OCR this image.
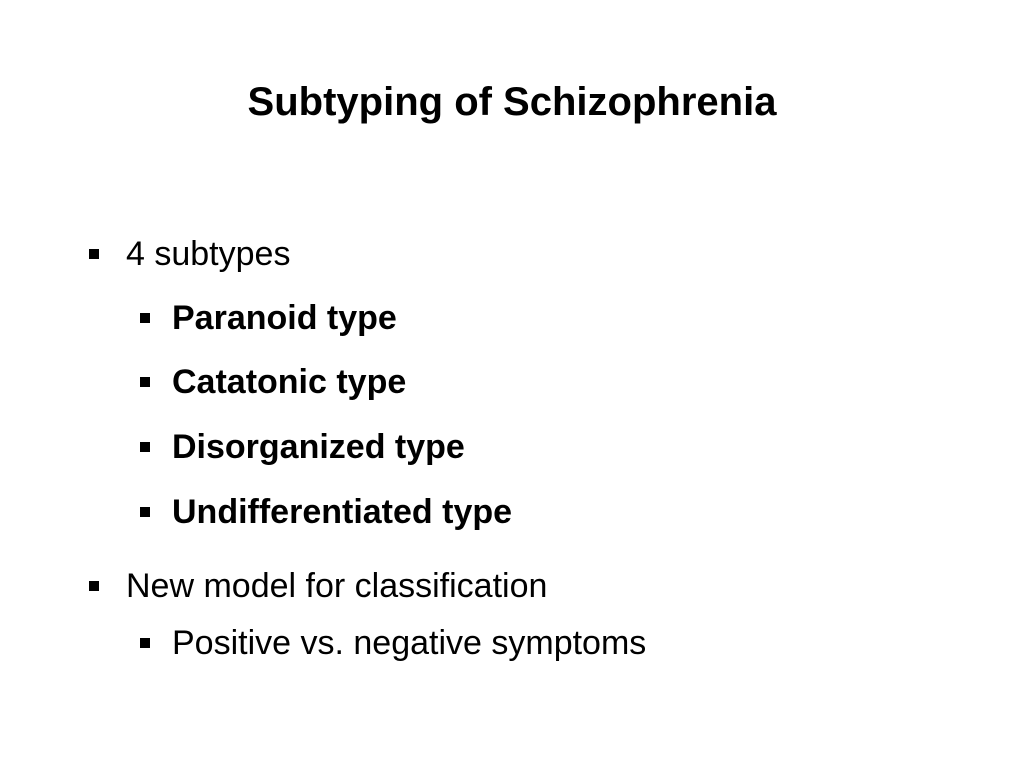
Subtyping of Schizophrenia
4 subtypes
Paranoid type
Catatonic type
Disorganized type
Undifferentiated type
New model for classification
Positive vs. negative symptoms
